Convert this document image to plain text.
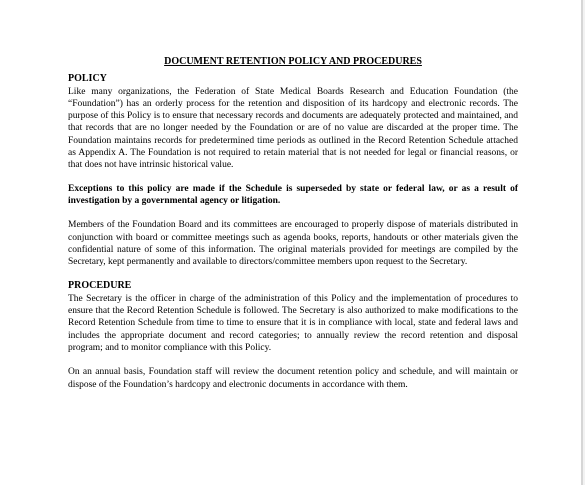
DOCUMENT RETENTION POLICY AND PROCEDURES

POLICY

Like many organizations, the Federation of State Medical Boards Research and Education Foundation (the “Foundation”) has an orderly process for the retention and disposition of its hardcopy and electronic records. The purpose of this Policy is to ensure that necessary records and documents are adequately protected and maintained, and that records that are no longer needed by the Foundation or are of no value are discarded at the proper time. The Foundation maintains records for predetermined time periods as outlined in the Record Retention Schedule attached as Appendix A. The Foundation is not required to retain material that is not needed for legal or financial reasons, or that does not have intrinsic historical value.

Exceptions to this policy are made if the Schedule is superseded by state or federal law, or as a result of investigation by a governmental agency or litigation.

Members of the Foundation Board and its committees are encouraged to properly dispose of materials distributed in conjunction with board or committee meetings such as agenda books, reports, handouts or other materials given the confidential nature of some of this information. The original materials provided for meetings are compiled by the Secretary, kept permanently and available to directors/committee members upon request to the Secretary.

PROCEDURE

The Secretary is the officer in charge of the administration of this Policy and the implementation of procedures to ensure that the Record Retention Schedule is followed. The Secretary is also authorized to make modifications to the Record Retention Schedule from time to time to ensure that it is in compliance with local, state and federal laws and includes the appropriate document and record categories; to annually review the record retention and disposal program; and to monitor compliance with this Policy.

On an annual basis, Foundation staff will review the document retention policy and schedule, and will maintain or dispose of the Foundation’s hardcopy and electronic documents in accordance with them.
